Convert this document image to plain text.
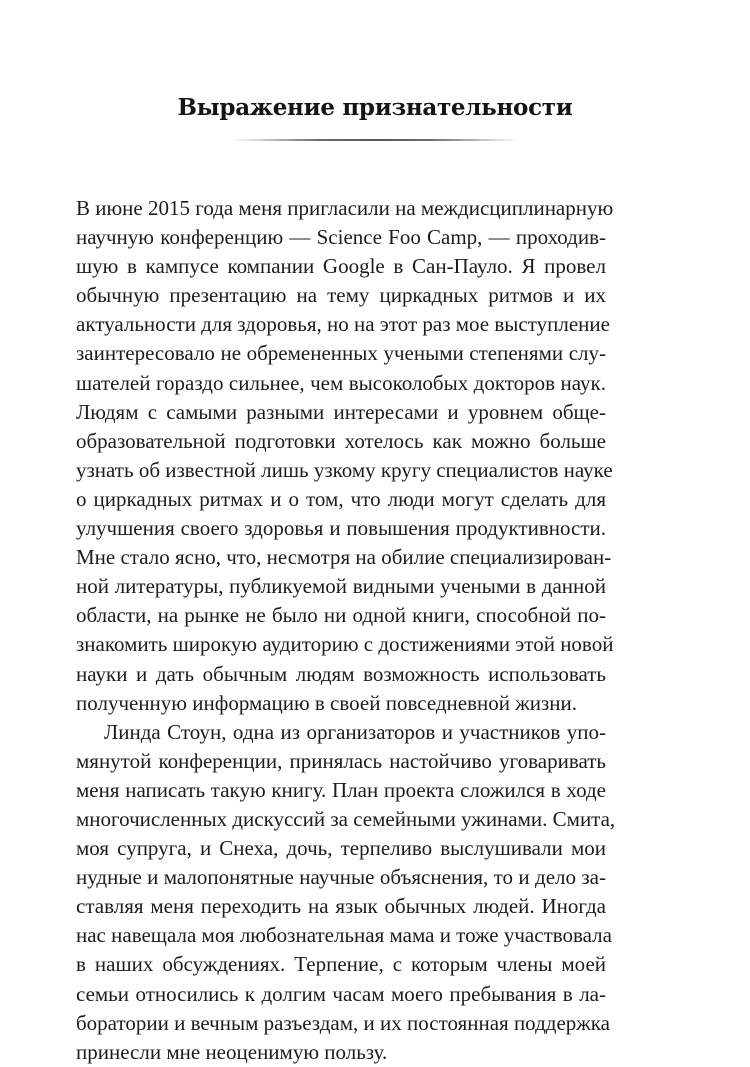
Выражение признательности
В июне 2015 года меня пригласили на междисциплинарную
научную конференцию — Science Foo Camp, — проходив-
шую в кампусе компании Google в Сан-Пауло. Я провел
обычную презентацию на тему циркадных ритмов и их
актуальности для здоровья, но на этот раз мое выступление
заинтересовало не обремененных учеными степенями слу-
шателей гораздо сильнее, чем высоколобых докторов наук.
Людям с самыми разными интересами и уровнем обще-
образовательной подготовки хотелось как можно больше
узнать об известной лишь узкому кругу специалистов науке
о циркадных ритмах и о том, что люди могут сделать для
улучшения своего здоровья и повышения продуктивности.
Мне стало ясно, что, несмотря на обилие специализирован-
ной литературы, публикуемой видными учеными в данной
области, на рынке не было ни одной книги, способной по-
знакомить широкую аудиторию с достижениями этой новой
науки и дать обычным людям возможность использовать
полученную информацию в своей повседневной жизни.
Линда Стоун, одна из организаторов и участников упо-
мянутой конференции, принялась настойчиво уговаривать
меня написать такую книгу. План проекта сложился в ходе
многочисленных дискуссий за семейными ужинами. Смита,
моя супруга, и Снеха, дочь, терпеливо выслушивали мои
нудные и малопонятные научные объяснения, то и дело за-
ставляя меня переходить на язык обычных людей. Иногда
нас навещала моя любознательная мама и тоже участвовала
в наших обсуждениях. Терпение, с которым члены моей
семьи относились к долгим часам моего пребывания в ла-
боратории и вечным разъездам, и их постоянная поддержка
принесли мне неоценимую пользу.
